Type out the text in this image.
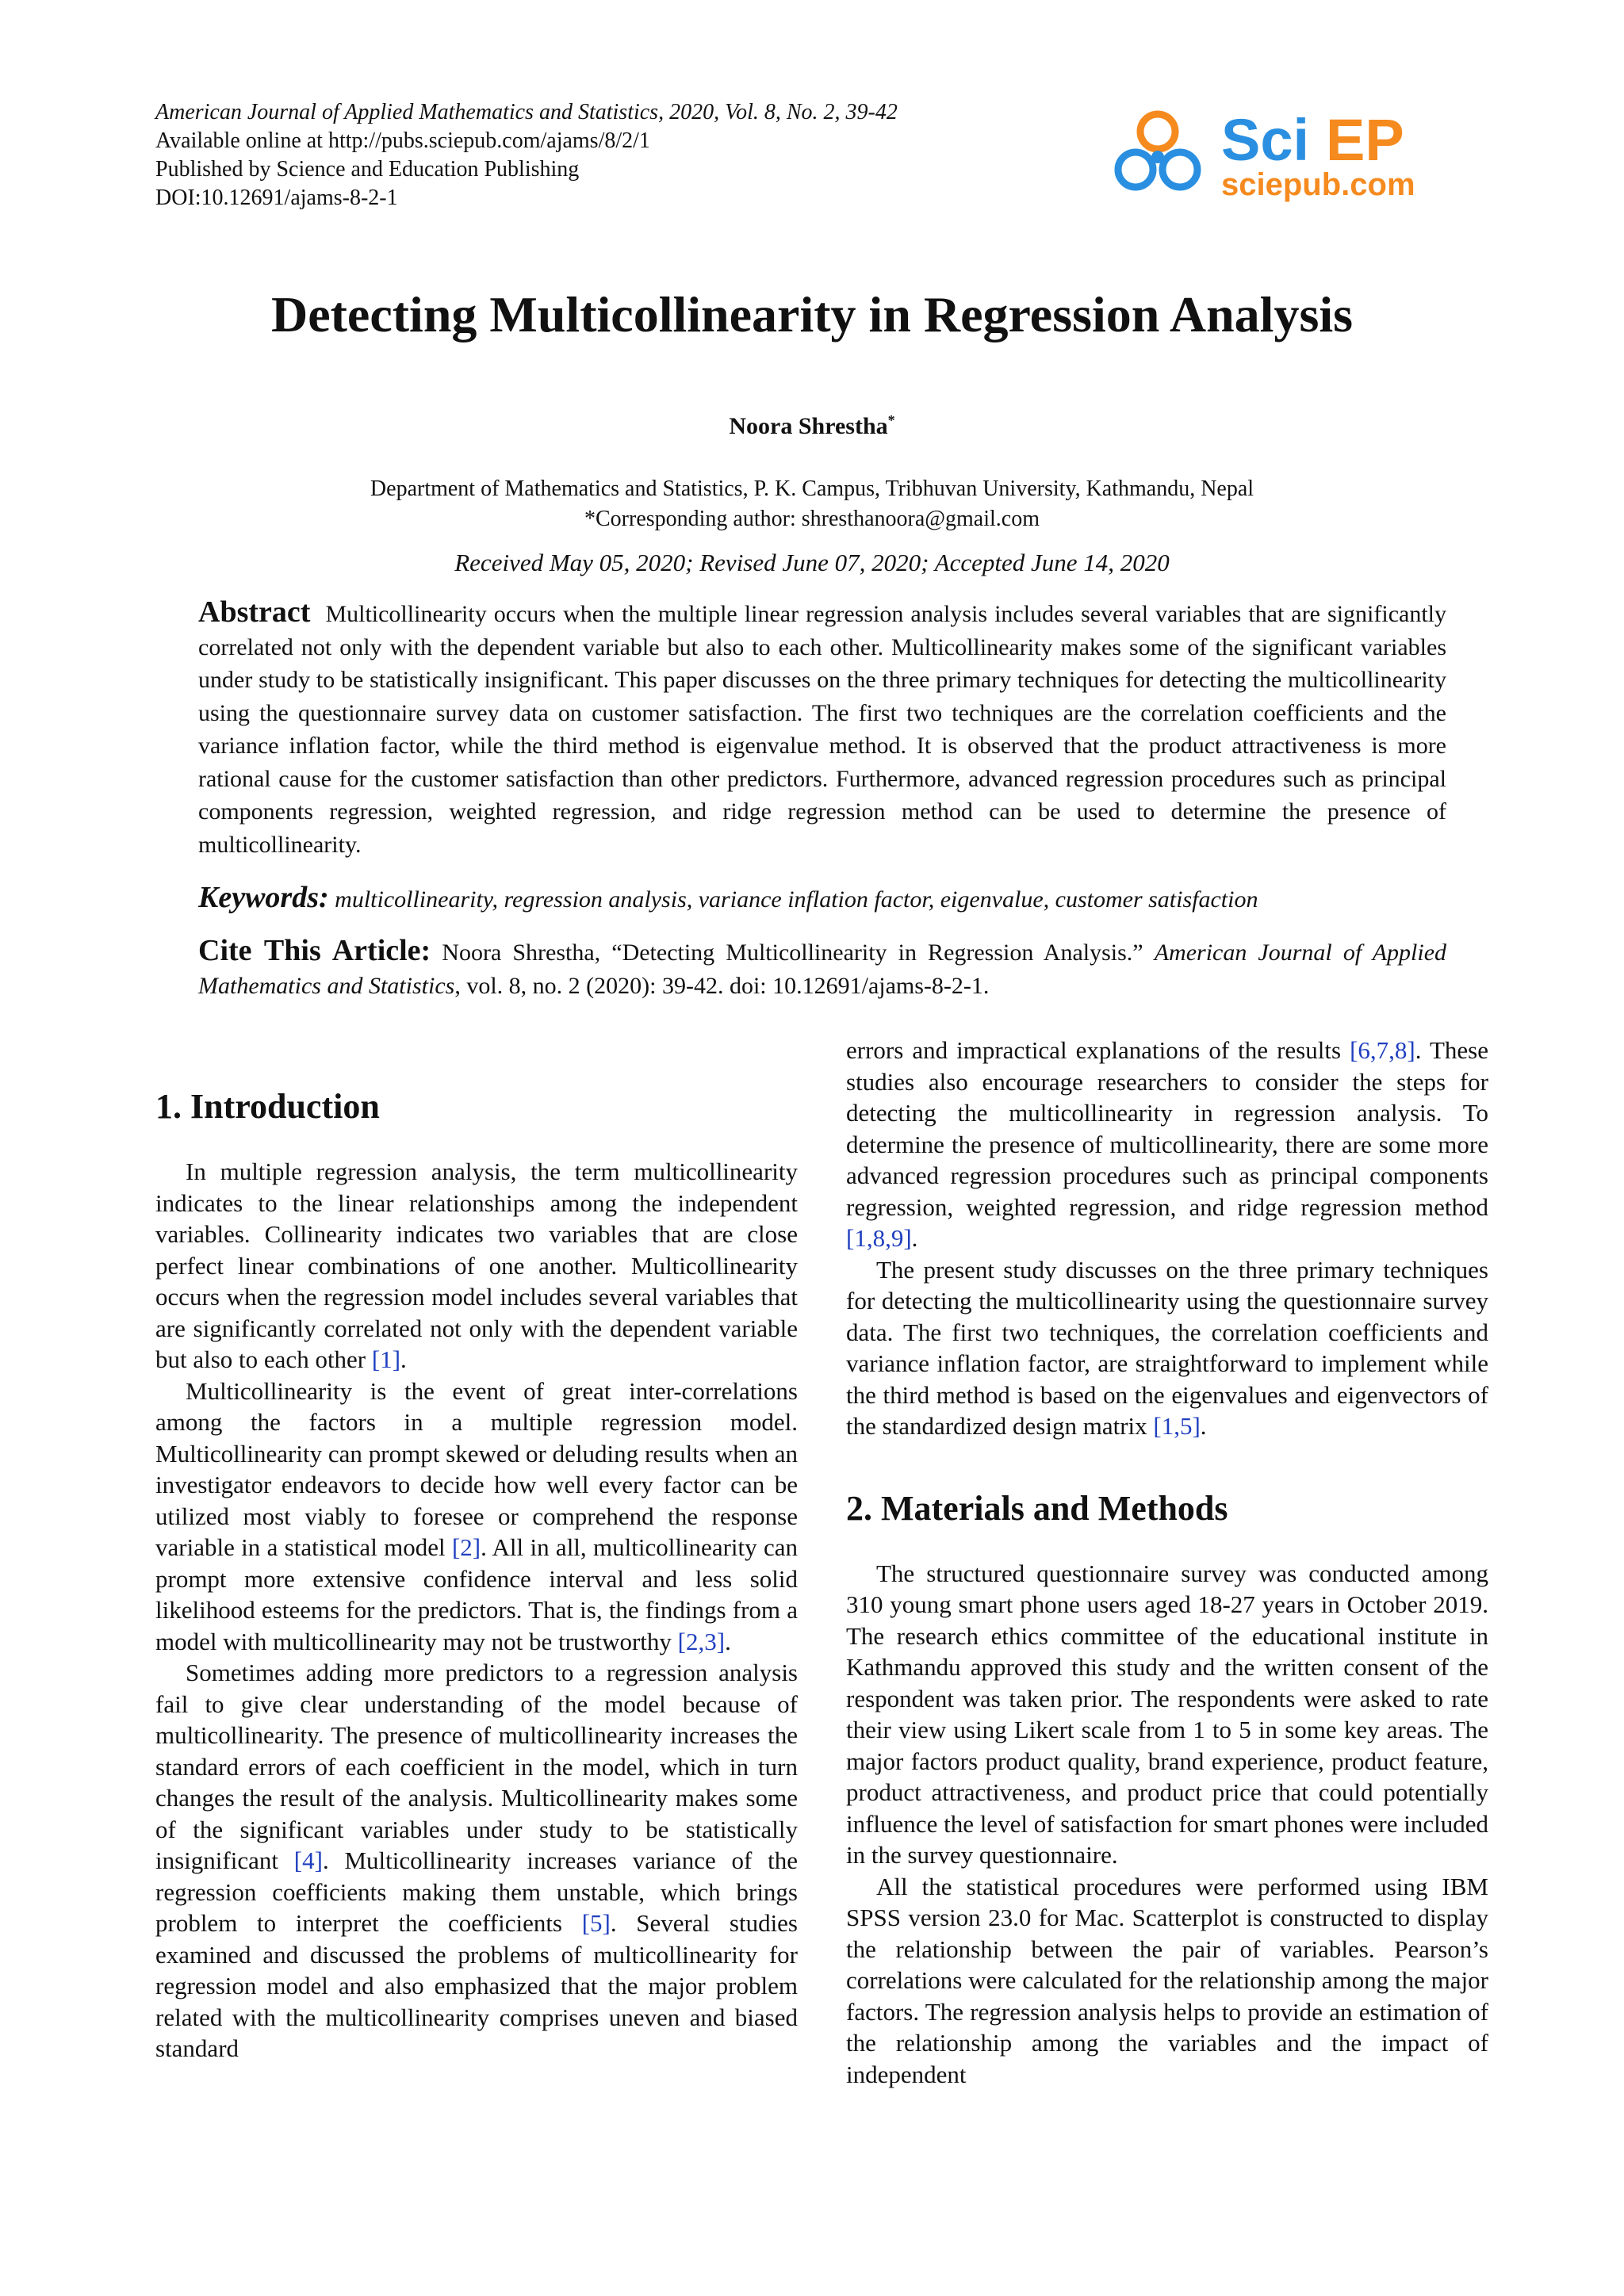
American Journal of Applied Mathematics and Statistics, 2020, Vol. 8, No. 2, 39-42
Available online at http://pubs.sciepub.com/ajams/8/2/1
Published by Science and Education Publishing
DOI:10.12691/ajams-8-2-1
Sci EP
sciepub.com
Detecting Multicollinearity in Regression Analysis
Noora Shrestha*
Department of Mathematics and Statistics, P. K. Campus, Tribhuvan University, Kathmandu, Nepal
*Corresponding author: shresthanoora@gmail.com
Received May 05, 2020; Revised June 07, 2020; Accepted June 14, 2020
Abstract Multicollinearity occurs when the multiple linear regression analysis includes several variables that are significantly correlated not only with the dependent variable but also to each other. Multicollinearity makes some of the significant variables under study to be statistically insignificant. This paper discusses on the three primary techniques for detecting the multicollinearity using the questionnaire survey data on customer satisfaction. The first two techniques are the correlation coefficients and the variance inflation factor, while the third method is eigenvalue method. It is observed that the product attractiveness is more rational cause for the customer satisfaction than other predictors. Furthermore, advanced regression procedures such as principal components regression, weighted regression, and ridge regression method can be used to determine the presence of multicollinearity.
Keywords: multicollinearity, regression analysis, variance inflation factor, eigenvalue, customer satisfaction
Cite This Article: Noora Shrestha, “Detecting Multicollinearity in Regression Analysis.” American Journal of Applied Mathematics and Statistics, vol. 8, no. 2 (2020): 39-42. doi: 10.12691/ajams-8-2-1.
1. Introduction

In multiple regression analysis, the term multicollinearity indicates to the linear relationships among the independent variables. Collinearity indicates two variables that are close perfect linear combinations of one another. Multicollinearity occurs when the regression model includes several variables that are significantly correlated not only with the dependent variable but also to each other [1].

Multicollinearity is the event of great inter-correlations among the factors in a multiple regression model. Multicollinearity can prompt skewed or deluding results when an investigator endeavors to decide how well every factor can be utilized most viably to foresee or comprehend the response variable in a statistical model [2]. All in all, multicollinearity can prompt more extensive confidence interval and less solid likelihood esteems for the predictors. That is, the findings from a model with multicollinearity may not be trustworthy [2,3].

Sometimes adding more predictors to a regression analysis fail to give clear understanding of the model because of multicollinearity. The presence of multicollinearity increases the standard errors of each coefficient in the model, which in turn changes the result of the analysis. Multicollinearity makes some of the significant variables under study to be statistically insignificant [4]. Multicollinearity increases variance of the regression coefficients making them unstable, which brings problem to interpret the coefficients [5]. Several studies examined and discussed the problems of multicollinearity for regression model and also emphasized that the major problem related with the multicollinearity comprises uneven and biased standard

errors and impractical explanations of the results [6,7,8]. These studies also encourage researchers to consider the steps for detecting the multicollinearity in regression analysis. To determine the presence of multicollinearity, there are some more advanced regression procedures such as principal components regression, weighted regression, and ridge regression method [1,8,9].

The present study discusses on the three primary techniques for detecting the multicollinearity using the questionnaire survey data. The first two techniques, the correlation coefficients and variance inflation factor, are straightforward to implement while the third method is based on the eigenvalues and eigenvectors of the standardized design matrix [1,5].

2. Materials and Methods

The structured questionnaire survey was conducted among 310 young smart phone users aged 18-27 years in October 2019. The research ethics committee of the educational institute in Kathmandu approved this study and the written consent of the respondent was taken prior. The respondents were asked to rate their view using Likert scale from 1 to 5 in some key areas. The major factors product quality, brand experience, product feature, product attractiveness, and product price that could potentially influence the level of satisfaction for smart phones were included in the survey questionnaire.

All the statistical procedures were performed using IBM SPSS version 23.0 for Mac. Scatterplot is constructed to display the relationship between the pair of variables. Pearson’s correlations were calculated for the relationship among the major factors. The regression analysis helps to provide an estimation of the relationship among the variables and the impact of independent
